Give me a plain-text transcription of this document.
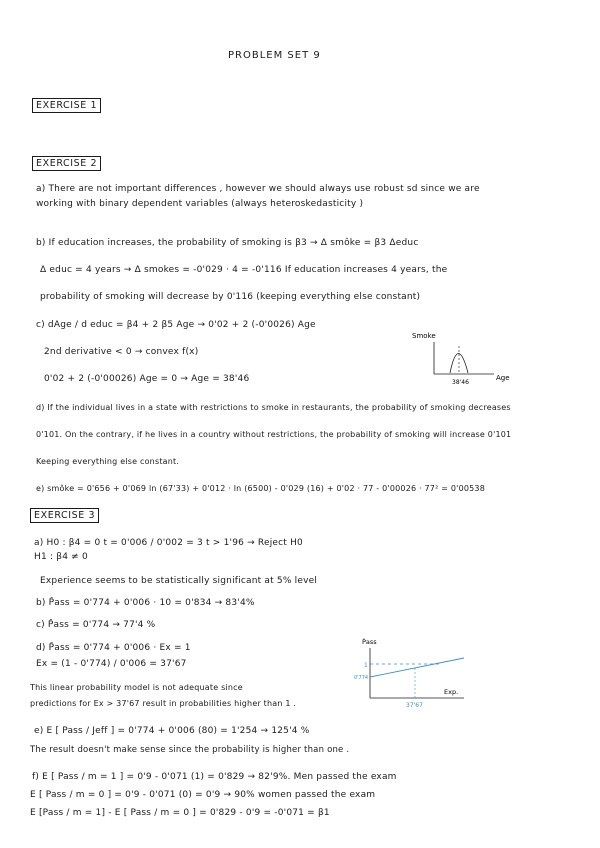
PROBLEM SET 9
EXERCISE 1
EXERCISE 2
a) There are not important differences , however we should always use robust sd since we are
working with binary dependent variables (always heteroskedasticity )
b) If education increases, the probability of smoking is β3 → Δ smôke = β3 Δeduc
Δ educ = 4 years → Δ smokes = -0'029 · 4 = -0'116 If education increases 4 years, the
probability of smoking will decrease by 0'116 (keeping everything else constant)
c) dAge / d educ = β4 + 2 β5 Age → 0'02 + 2 (-0'0026) Age
2nd derivative < 0 → convex f(x)
0'02 + 2 (-0'00026) Age = 0 → Age = 38'46
Smoke
38'46
Age
d) If the individual lives in a state with restrictions to smoke in restaurants, the probability of smoking decreases
0'101. On the contrary, if he lives in a country without restrictions, the probability of smoking will increase 0'101
Keeping everything else constant.
e) smôke = 0'656 + 0'069 ln (67'33) + 0'012 · ln (6500) - 0'029 (16) + 0'02 · 77 - 0'00026 · 77² = 0'00538
EXERCISE 3
a) H0 : β4 = 0 t = 0'006 / 0'002 = 3 t > 1'96 → Reject H0
H1 : β4 ≠ 0
Experience seems to be statistically significant at 5% level
b) P̂ass = 0'774 + 0'006 · 10 = 0'834 → 83'4%
c) P̂ass = 0'774 → 77'4 %
d) P̂ass = 0'774 + 0'006 · Ex = 1
Ex = (1 - 0'774) / 0'006 = 37'67
This linear probability model is not adequate since
predictions for Ex > 37'67 result in probabilities higher than 1 .
P̂ass
1
0'774
37'67
Exp.
e) E [ Pass / Jeff ] = 0'774 + 0'006 (80) = 1'254 → 125'4 %
The result doesn't make sense since the probability is higher than one .
f) E [ Pass / m = 1 ] = 0'9 - 0'071 (1) = 0'829 → 82'9%. Men passed the exam
E [ Pass / m = 0 ] = 0'9 - 0'071 (0) = 0'9 → 90% women passed the exam
E [Pass / m = 1] - E [ Pass / m = 0 ] = 0'829 - 0'9 = -0'071 = β1
